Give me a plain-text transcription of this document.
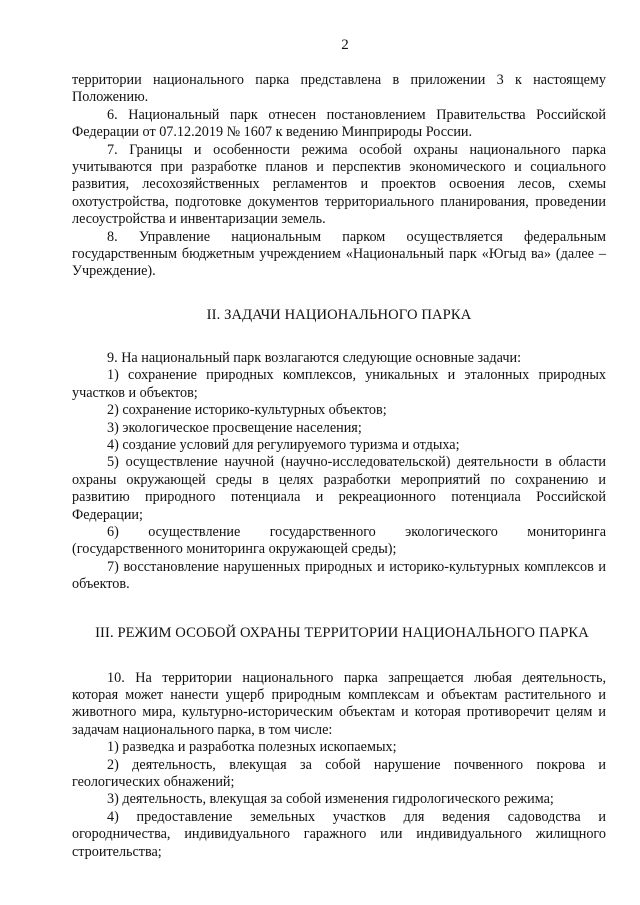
2

территории национального парка представлена в приложении 3 к настоящему Положению.

6. Национальный парк отнесен постановлением Правительства Российской Федерации от 07.12.2019 № 1607 к ведению Минприроды России.

7. Границы и особенности режима особой охраны национального парка учитываются при разработке планов и перспектив экономического и социального развития, лесохозяйственных регламентов и проектов освоения лесов, схемы охотустройства, подготовке документов территориального планирования, проведении лесоустройства и инвентаризации земель.

8. Управление национальным парком осуществляется федеральным государственным бюджетным учреждением «Национальный парк «Югыд ва» (далее – Учреждение).

II. ЗАДАЧИ НАЦИОНАЛЬНОГО ПАРКА

9. На национальный парк возлагаются следующие основные задачи:

1) сохранение природных комплексов, уникальных и эталонных природных участков и объектов;

2) сохранение историко-культурных объектов;

3) экологическое просвещение населения;

4) создание условий для регулируемого туризма и отдыха;

5) осуществление научной (научно-исследовательской) деятельности в области охраны окружающей среды в целях разработки мероприятий по сохранению и развитию природного потенциала и рекреационного потенциала Российской Федерации;

6) осуществление государственного экологического мониторинга (государственного мониторинга окружающей среды);

7) восстановление нарушенных природных и историко-культурных комплексов и объектов.

III. РЕЖИМ ОСОБОЙ ОХРАНЫ ТЕРРИТОРИИ НАЦИОНАЛЬНОГО ПАРКА

10. На территории национального парка запрещается любая деятельность, которая может нанести ущерб природным комплексам и объектам растительного и животного мира, культурно-историческим объектам и которая противоречит целям и задачам национального парка, в том числе:

1) разведка и разработка полезных ископаемых;

2) деятельность, влекущая за собой нарушение почвенного покрова и геологических обнажений;

3) деятельность, влекущая за собой изменения гидрологического режима;

4) предоставление земельных участков для ведения садоводства и огородничества, индивидуального гаражного или индивидуального жилищного строительства;
